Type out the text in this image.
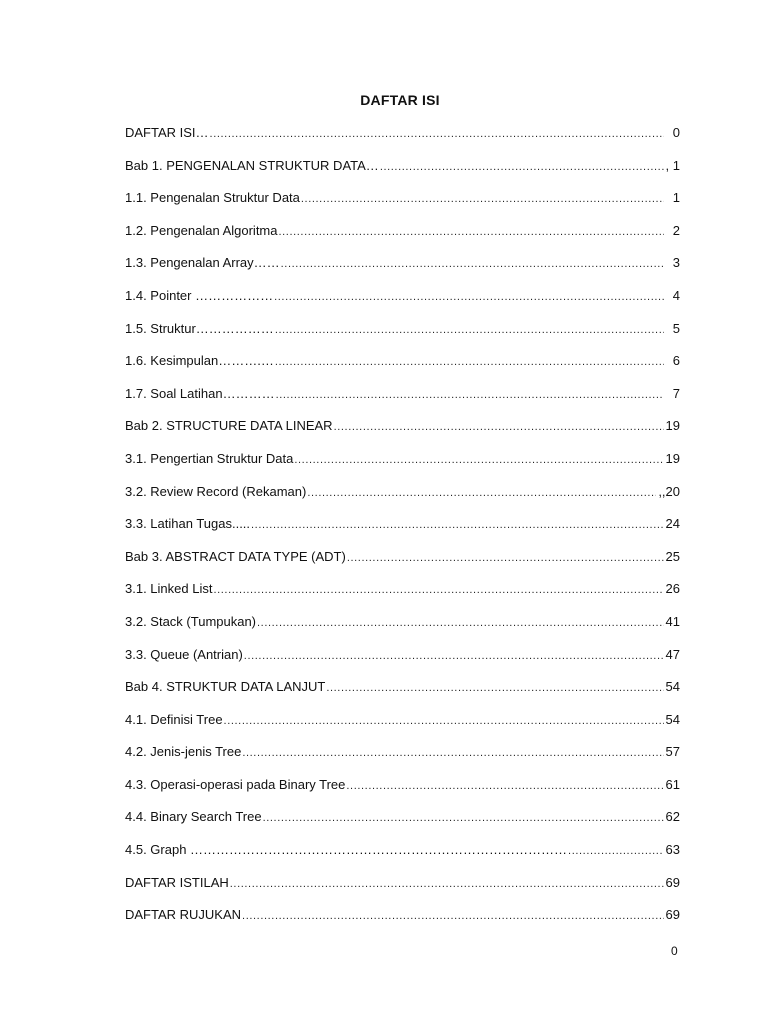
DAFTAR ISI
DAFTAR ISI… .....	0
Bab 1. PENGENALAN STRUKTUR DATA… .....	, 1
1.1. Pengenalan Struktur Data .....	1
1.2. Pengenalan Algoritma .....	2
1.3. Pengenalan Array…… .....	3
1.4. Pointer ……………… .....	4
1.5. Struktur……………… .....	5
1.6. Kesimpulan……….… .....	6
1.7. Soal Latihan………… .....	7
Bab 2. STRUCTURE DATA LINEAR .....	19
3.1. Pengertian Struktur Data .....	19
3.2. Review Record (Rekaman) .....	,,20
3.3. Latihan Tugas..... .....	24
Bab 3. ABSTRACT DATA TYPE (ADT) .....	25
3.1. Linked List .....	26
3.2. Stack (Tumpukan) .....	41
3.3. Queue (Antrian) .....	47
Bab 4. STRUKTUR DATA LANJUT .....	54
4.1. Definisi Tree .....	54
4.2. Jenis-jenis Tree .....	57
4.3. Operasi-operasi pada Binary Tree .....	61
4.4. Binary Search Tree .....	62
4.5. Graph …………………………………………………………………………… .....	63
DAFTAR ISTILAH .....	69
DAFTAR RUJUKAN .....	69
0
